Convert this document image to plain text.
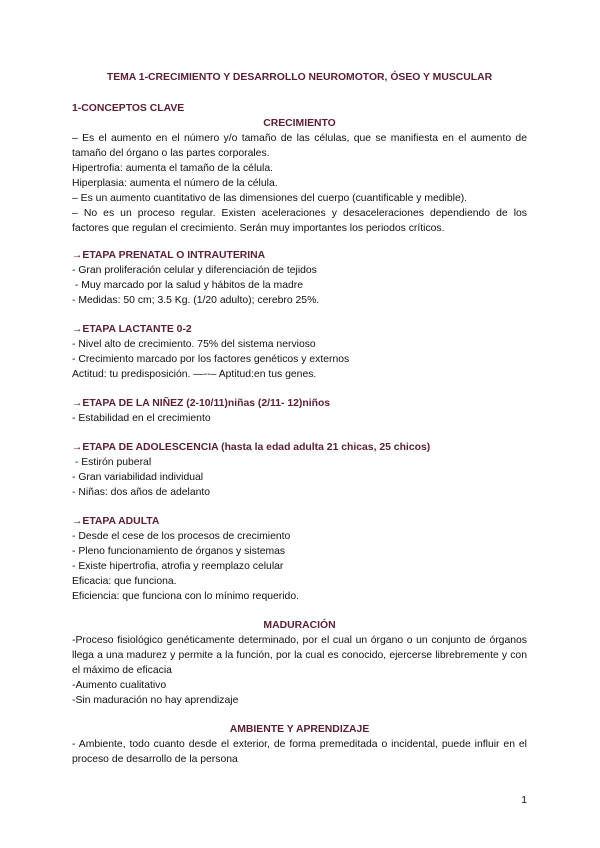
TEMA 1-CRECIMIENTO Y DESARROLLO NEUROMOTOR, ÓSEO Y MUSCULAR

1-CONCEPTOS CLAVE

CRECIMIENTO

– Es el aumento en el número y/o tamaño de las células, que se manifiesta en el aumento de tamaño del órgano o las partes corporales.

Hipertrofia: aumenta el tamaño de la célula.

Hiperplasia: aumenta el número de la célula.

– Es un aumento cuantitativo de las dimensiones del cuerpo (cuantificable y medible).

– No es un proceso regular. Existen aceleraciones y desaceleraciones dependiendo de los factores que regulan el crecimiento. Serán muy importantes los periodos críticos.

→ETAPA PRENATAL O INTRAUTERINA

- Gran proliferación celular y diferenciación de tejidos

- Muy marcado por la salud y hábitos de la madre

- Medidas: 50 cm; 3.5 Kg. (1/20 adulto); cerebro 25%.

→ETAPA LACTANTE 0-2

- Nivel alto de crecimiento. 75% del sistema nervioso

- Crecimiento marcado por los factores genéticos y externos

Actitud: tu predisposición. —--– Aptitud:en tus genes.

→ETAPA DE LA NIÑEZ (2-10/11)niñas (2/11- 12)niños

- Estabilidad en el crecimiento

→ETAPA DE ADOLESCENCIA (hasta la edad adulta 21 chicas, 25 chicos)

- Estirón puberal

- Gran variabilidad individual

- Niñas: dos años de adelanto

→ETAPA ADULTA

- Desde el cese de los procesos de crecimiento

- Pleno funcionamiento de órganos y sistemas

- Existe hipertrofia, atrofia y reemplazo celular

Eficacia: que funciona.

Eficiencia: que funciona con lo mínimo requerido.

MADURACIÓN

-Proceso fisiológico genéticamente determinado, por el cual un órgano o un conjunto de órganos llega a una madurez y permite a la función, por la cual es conocido, ejercerse librebremente y con el máximo de eficacia

-Aumento cualitativo

-Sin maduración no hay aprendizaje

AMBIENTE Y APRENDIZAJE

- Ambiente, todo cuanto desde el exterior, de forma premeditada o incidental, puede influir en el proceso de desarrollo de la persona

1
